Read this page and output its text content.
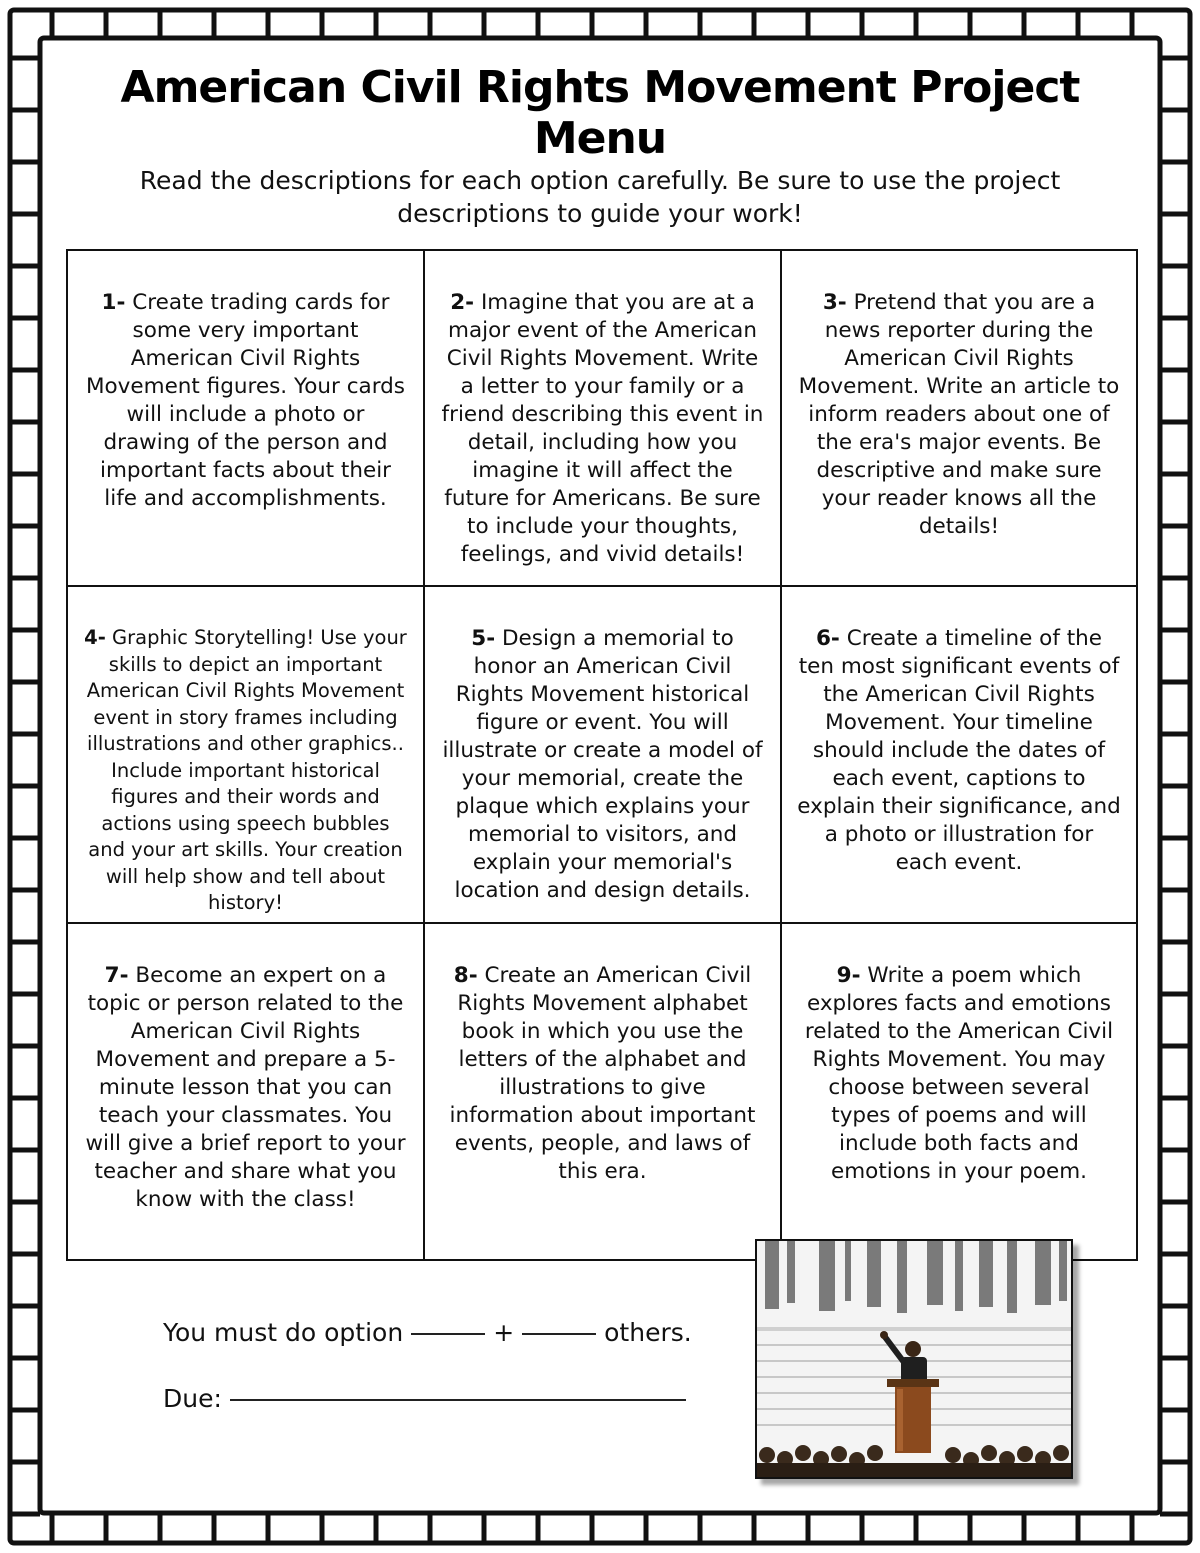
American Civil Rights Movement Project Menu
Read the descriptions for each option carefully. Be sure to use the project descriptions to guide your work!
1- Create trading cards for some very important American Civil Rights Movement figures. Your cards will include a photo or drawing of the person and important facts about their life and accomplishments.
2- Imagine that you are at a major event of the American Civil Rights Movement. Write a letter to your family or a friend describing this event in detail, including how you imagine it will affect the future for Americans. Be sure to include your thoughts, feelings, and vivid details!
3- Pretend that you are a news reporter during the American Civil Rights Movement. Write an article to inform readers about one of the era's major events. Be descriptive and make sure your reader knows all the details!
4- Graphic Storytelling! Use your skills to depict an important American Civil Rights Movement event in story frames including illustrations and other graphics.. Include important historical figures and their words and actions using speech bubbles and your art skills. Your creation will help show and tell about history!
5- Design a memorial to honor an American Civil Rights Movement historical figure or event. You will illustrate or create a model of your memorial, create the plaque which explains your memorial to visitors, and explain your memorial's location and design details.
6- Create a timeline of the ten most significant events of the American Civil Rights Movement. Your timeline should include the dates of each event, captions to explain their significance, and a photo or illustration for each event.
7- Become an expert on a topic or person related to the American Civil Rights Movement and prepare a 5-minute lesson that you can teach your classmates. You will give a brief report to your teacher and share what you know with the class!
8- Create an American Civil Rights Movement alphabet book in which you use the letters of the alphabet and illustrations to give information about important events, people, and laws of this era.
9- Write a poem which explores facts and emotions related to the American Civil Rights Movement. You may choose between several types of poems and will include both facts and emotions in your poem.
You must do option	+	others.
Due:
